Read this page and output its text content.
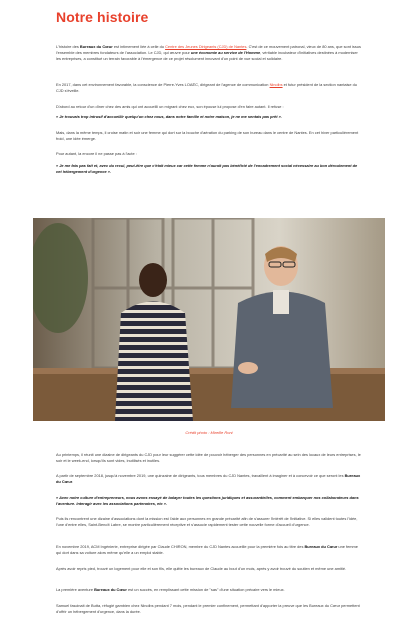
Notre histoire

L'histoire des Bureaux du Cœur est intimement liée à celle du Centre des Jeunes Dirigeants (CJD) de Nantes. C'est de ce mouvement patronal, vieux de 80 ans, que sont issus l'ensemble des membres fondateurs de l'association. Le CJD, qui œuvre pour une économie au service de l'Homme, véritable incubateur d'initiatives destinées à moderniser les entreprises, a constitué un terrain favorable à l'émergence de ce projet résolument innovant d'un point de vue social et solidaire.

En 2017, dans cet environnement favorable, la conscience de Pierre-Yves LOAËC, dirigeant de l'agence de communication Ninolbs et futur président de la section nantaise du CJD s'éveille.

D'abord au retour d'un dîner chez des amis qui ont accueilli un migrant chez eux, son épouse lui propose d'en faire autant. Il refuse :

« Je trouvais trop intrusif d'accueillir quelqu'un chez nous, dans notre famille et notre maison, je ne me sentais pas prêt ».

Mais, dans la même temps, il croise matin et soir une femme qui dort sur la bouche d'aération du parking de son bureau dans le centre de Nantes. En cet hiver particulièrement froid, une idée émerge.

Pour autant, la encore il ne passe pas à l'acte :

« Je me fais pas fait et, avec du recul, peut-être que c'était mieux car cette femme n'aurait pas bénéficié de l'encadrement social nécessaire au bon déroulement de cet hébergement d'urgence ».

Crédit photo : Mireille Roni

Au printemps, il réunit une dizaine de dirigeants du CJD pour leur suggérer cette idée de pouvoir héberger des personnes en précarité au sein des locaux de leurs entreprises, le soir et le week-end, lorsqu'ils sont vides, inutilisés et inutiles.

A partir de septembre 2018, jusqu'à novembre 2019, une quinzaine de dirigeants, tous membres du CJD Nantes, travaillent à imaginer et à concevoir ce que seront les Bureaux du Cœur.

« Avec notre culture d'entrepreneurs, nous avons essayé de balayer toutes les questions juridiques et assurantielles, comment embarquer nos collaborateurs dans l'aventure. Interagir avec les associations partenaires, etc ».

Puis ils rencontrent une dizaine d'associations dont la mission est l'aide aux personnes en grande précarité afin de s'assurer l'intérêt de l'initiative. Si elles valident toutes l'idée, l'une d'entre elles, Saint-Benoît Labre, se montre particulièrement réceptive et s'associe rapidement tester cette nouvelle forme d'accueil d'urgence.

En novembre 2019, ACM Ingénierie, entreprise dirigée par Claude CHIRON, membre du CJD Nantes accueille pour la première fois au titre des Bureaux du Cœur une femme qui dort dans sa voiture alors même qu'elle a un emploi stable.

Après avoir repris pied, trouvé un logement pour elle et son fils, elle quitte les bureaux de Claude au bout d'un mois, après y avoir trouvé du soutien et même une amitié.

La première aventure Bureaux du Cœur est un succès, en remplissant cette mission de "sas" d'une situation précaire vers le mieux.

Samuel fascinait de Butta, réfugié gambien chez Ninolbs pendant 7 mois, pendant le premier confinement, permettant d'apporter la preuve que les Bureaux du Cœur permettent d'offrir un hébergement d'urgence, dans la durée.
